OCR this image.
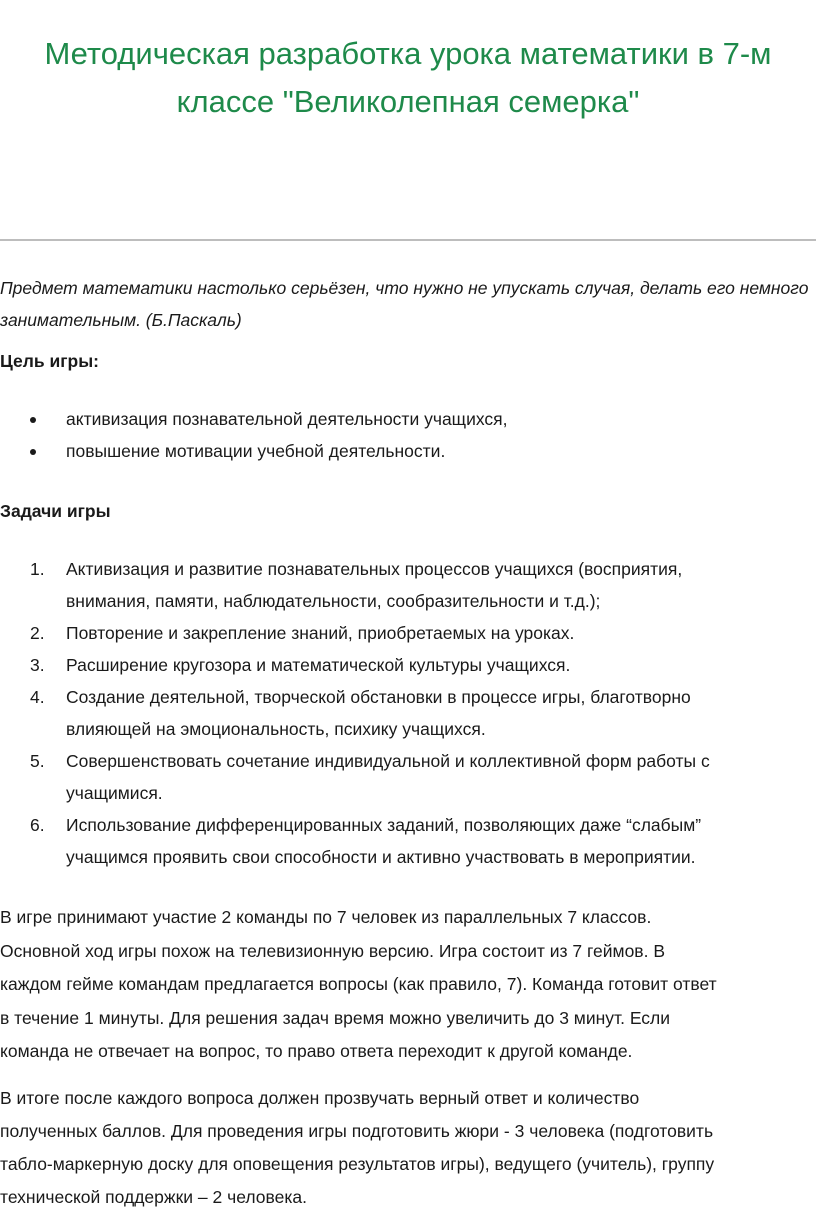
Методическая разработка урока математики в 7-м
классе "Великолепная семерка"
Предмет математики настолько серьёзен, что нужно не упускать случая, делать его немного
занимательным. (Б.Паскаль)
Цель игры:
активизация познавательной деятельности учащихся,
повышение мотивации учебной деятельности.
Задачи игры
1. Активизация и развитие познавательных процессов учащихся (восприятия,
внимания, памяти, наблюдательности, сообразительности и т.д.);
2. Повторение и закрепление знаний, приобретаемых на уроках.
3. Расширение кругозора и математической культуры учащихся.
4. Создание деятельной, творческой обстановки в процессе игры, благотворно
влияющей на эмоциональность, психику учащихся.
5. Совершенствовать сочетание индивидуальной и коллективной форм работы с
учащимися.
6. Использование дифференцированных заданий, позволяющих даже “слабым”
учащимся проявить свои способности и активно участвовать в мероприятии.
В игре принимают участие 2 команды по 7 человек из параллельных 7 классов.
Основной ход игры похож на телевизионную версию. Игра состоит из 7 геймов. В
каждом гейме командам предлагается вопросы (как правило, 7). Команда готовит ответ
в течение 1 минуты. Для решения задач время можно увеличить до 3 минут. Если
команда не отвечает на вопрос, то право ответа переходит к другой команде.
В итоге после каждого вопроса должен прозвучать верный ответ и количество
полученных баллов. Для проведения игры подготовить жюри - 3 человека (подготовить
табло-маркерную доску для оповещения результатов игры), ведущего (учитель), группу
технической поддержки – 2 человека.
